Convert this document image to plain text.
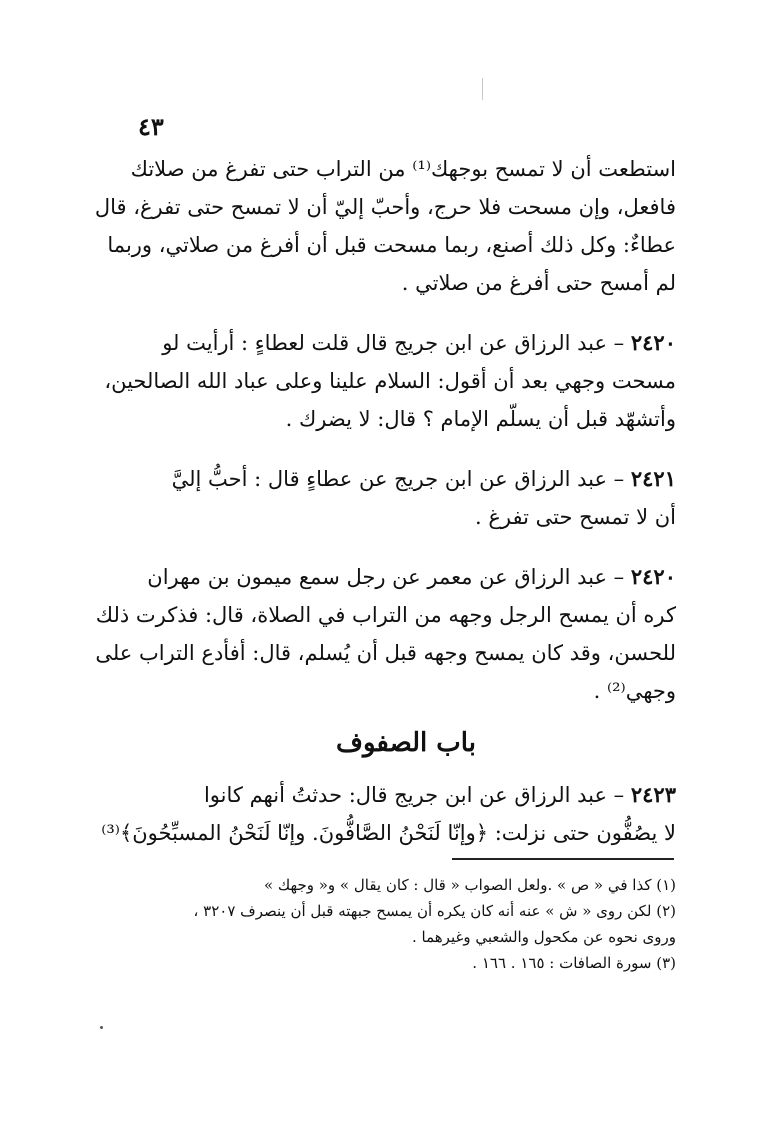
٤٣
استطعت أن لا تمسح بوجهك⁽¹⁾ من التراب حتى تفرغ من صلاتك
فافعل، وإن مسحت فلا حرج، وأحبّ إليّ أن لا تمسح حتى تفرغ، قال
عطاءٌ: وكل ذلك أصنع، ربما مسحت قبل أن أفرغ من صلاتي، وربما
لم أمسح حتى أفرغ من صلاتي .
٢٤٢٠ – عبد الرزاق عن ابن جريج قال قلت لعطاءٍ : أرأيت لو
مسحت وجهي بعد أن أقول: السلام علينا وعلى عباد الله الصالحين،
وأتشهّد قبل أن يسلّم الإمام ؟ قال: لا يضرك .
٢٤٢١ – عبد الرزاق عن ابن جريج عن عطاءٍ قال : أحبُّ إليَّ
أن لا تمسح حتى تفرغ .
٢٤٢٠ – عبد الرزاق عن معمر عن رجل سمع ميمون بن مهران
كره أن يمسح الرجل وجهه من التراب في الصلاة، قال: فذكرت ذلك
للحسن، وقد كان يمسح وجهه قبل أن يُسلم، قال: أفأدع التراب على
وجهي⁽²⁾ .
باب الصفوف
٢٤٢٣ – عبد الرزاق عن ابن جريج قال: حدثتُ أنهم كانوا
لا يصُفُّون حتى نزلت: ﴿وإنّا لَنَحْنُ الصَّافُّونَ. وإنّا لَنَحْنُ المسبِّحُونَ﴾⁽³⁾
(١) كذا في « ص » .ولعل الصواب « قال : كان يقال » و« وجهك »
(٢) لكن روى « ش » عنه أنه كان يكره أن يمسح جبهته قبل أن ينصرف ٣٢٠٧ ،
وروى نحوه عن مكحول والشعبي وغيرهما .
(٣) سورة الصافات : ١٦٥ . ١٦٦ .
